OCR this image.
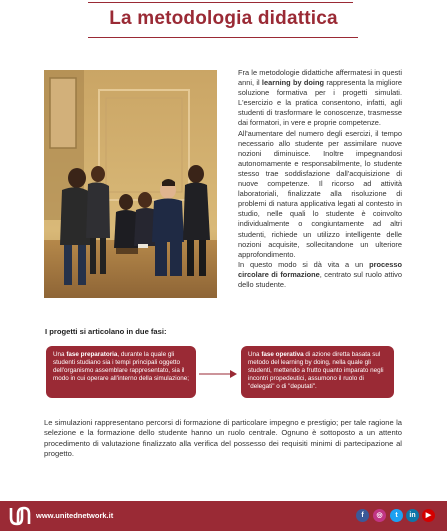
La metodologia didattica

Fra le metodologie didattiche affermatesi in questi anni, il learning by doing rappresenta la migliore soluzione formativa per i progetti simulati. L'esercizio e la pratica consentono, infatti, agli studenti di trasformare le conoscenze, trasmesse dai formatori, in vere e proprie competenze.

All'aumentare del numero degli esercizi, il tempo necessario allo studente per assimilare nuove nozioni diminuisce. Inoltre impegnandosi autonomamente e responsabilmente, lo studente stesso trae soddisfazione dall'acquisizione di nuove competenze. Il ricorso ad attività laboratoriali, finalizzate alla risoluzione di problemi di natura applicativa legati al contesto in studio, nelle quali lo studente è coinvolto individualmente o congiuntamente ad altri studenti, richiede un utilizzo intelligente delle nozioni acquisite, sollecitandone un ulteriore approfondimento.

In questo modo si dà vita a un processo circolare di formazione, centrato sul ruolo attivo dello studente.

I progetti si articolano in due fasi:
Una fase preparatoria, durante la quale gli studenti studiano sia i tempi principali oggetto dell'organismo assemblare rappresentato, sia il modo in cui operare all'interno della simulazione;
Una fase operativa di azione diretta basata sul metodo del learning by doing, nella quale gli studenti, mettendo a frutto quanto imparato negli incontri propedeutici, assumono il ruolo di "delegati" o di "deputati".
Le simulazioni rappresentano percorsi di formazione di particolare impegno e prestigio; per tale ragione la selezione e la formazione dello studente hanno un ruolo centrale. Ognuno è sottoposto a un attento procedimento di valutazione finalizzato alla verifica del possesso dei requisiti minimi di partecipazione al progetto.
www.unitednetwork.it	f	◎	t	in	▶
